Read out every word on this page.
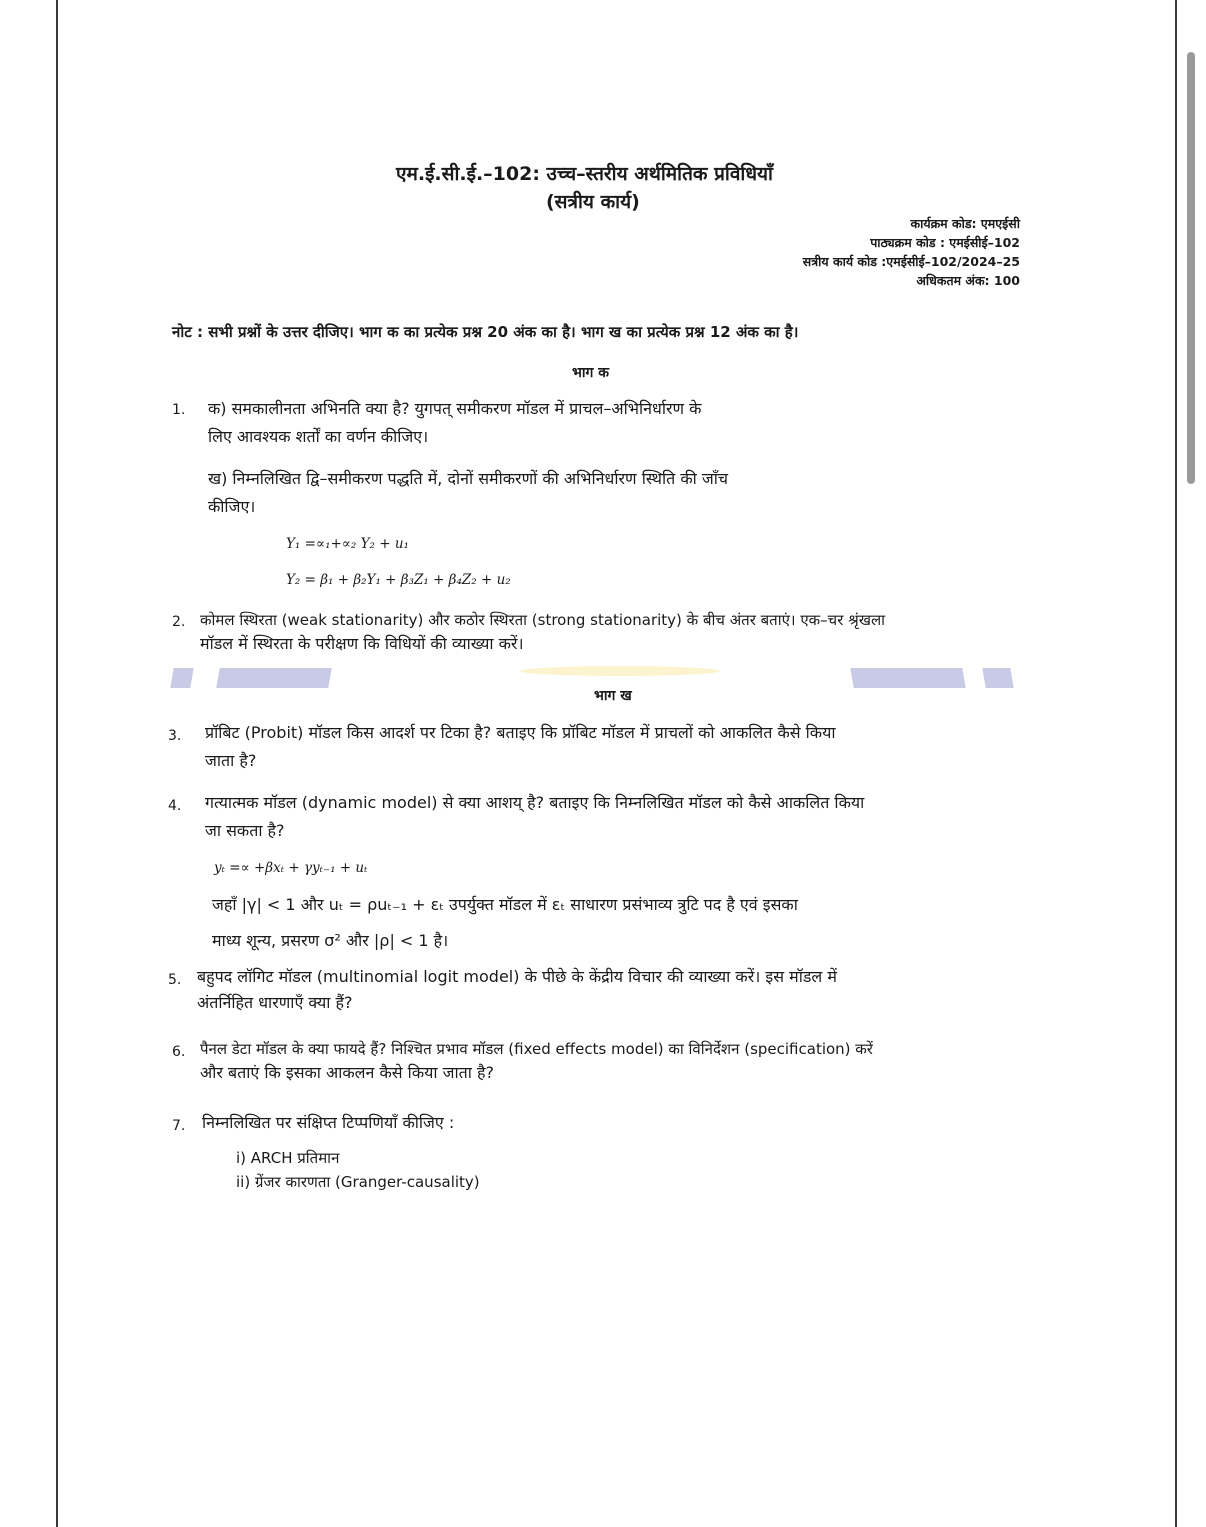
एम.ई.सी.ई.–102: उच्च–स्तरीय अर्थमितिक प्रविधियाँ
(सत्रीय कार्य)
कार्यक्रम कोड: एमएईसी
पाठ्यक्रम कोड : एमईसीई–102
सत्रीय कार्य कोड :एमईसीई–102/2024–25
अधिकतम अंक: 100
नोट : सभी प्रश्नों के उत्तर दीजिए। भाग क का प्रत्येक प्रश्न 20 अंक का है। भाग ख का प्रत्येक प्रश्न 12 अंक का है।
भाग क
1. क) समकालीनता अभिनति क्या है? युगपत् समीकरण मॉडल में प्राचल–अभिनिर्धारण के
लिए आवश्यक शर्तों का वर्णन कीजिए।
ख) निम्नलिखित द्वि–समीकरण पद्धति में, दोनों समीकरणों की अभिनिर्धारण स्थिति की जाँच
कीजिए।
Y₁ =∝₁+∝₂ Y₂ + u₁
Y₂ = β₁ + β₂Y₁ + β₃Z₁ + β₄Z₂ + u₂
2. कोमल स्थिरता (weak stationarity) और कठोर स्थिरता (strong stationarity) के बीच अंतर बताएं। एक–चर श्रृंखला
मॉडल में स्थिरता के परीक्षण कि विधियों की व्याख्या करें।
भाग ख
3. प्रॉबिट (Probit) मॉडल किस आदर्श पर टिका है? बताइए कि प्रॉबिट मॉडल में प्राचलों को आकलित कैसे किया
जाता है?
4. गत्यात्मक मॉडल (dynamic model) से क्या आशय् है? बताइए कि निम्नलिखित मॉडल को कैसे आकलित किया
जा सकता है?
yₜ =∝ +βxₜ + γyₜ₋₁ + uₜ
जहाँ |γ| < 1 और uₜ = ρuₜ₋₁ + εₜ उपर्युक्त मॉडल में εₜ साधारण प्रसंभाव्य त्रुटि पद है एवं इसका
माध्य शून्य, प्रसरण σ² और |ρ| < 1 है।
5. बहुपद लॉगिट मॉडल (multinomial logit model) के पीछे के केंद्रीय विचार की व्याख्या करें। इस मॉडल में
अंतर्निहित धारणाएँ क्या हैं?
6. पैनल डेटा मॉडल के क्या फायदे हैं? निश्चित प्रभाव मॉडल (fixed effects model) का विनिर्देशन (specification) करें
और बताएं कि इसका आकलन कैसे किया जाता है?
7. निम्नलिखित पर संक्षिप्त टिप्पणियाँ कीजिए :
i) ARCH प्रतिमान
ii) ग्रेंजर कारणता (Granger-causality)
